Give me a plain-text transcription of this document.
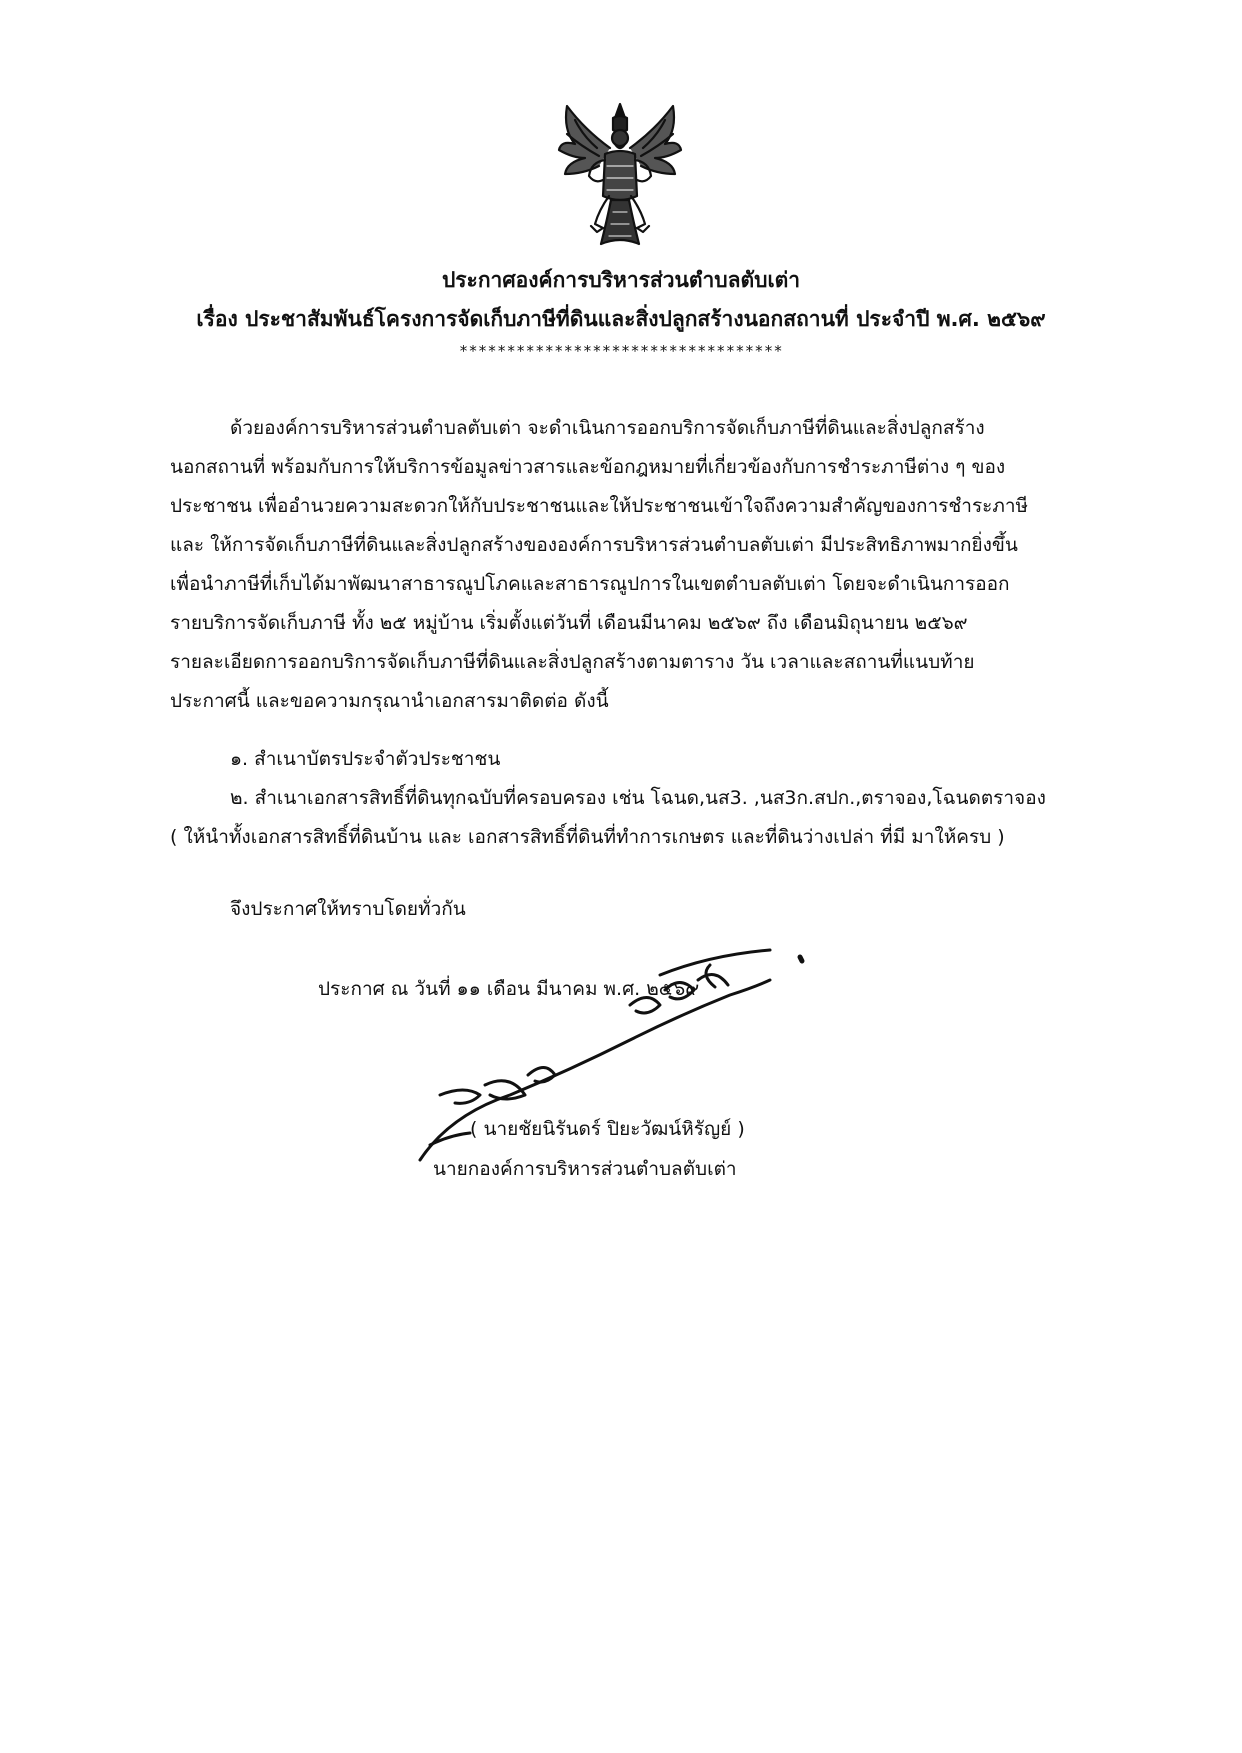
ประกาศองค์การบริหารส่วนตำบลตับเต่า
เรื่อง ประชาสัมพันธ์โครงการจัดเก็บภาษีที่ดินและสิ่งปลูกสร้างนอกสถานที่ ประจำปี พ.ศ. ๒๕๖๙
**********************************
ด้วยองค์การบริหารส่วนตำบลตับเต่า จะดำเนินการออกบริการจัดเก็บภาษีที่ดินและสิ่งปลูกสร้าง
นอกสถานที่ พร้อมกับการให้บริการข้อมูลข่าวสารและข้อกฎหมายที่เกี่ยวข้องกับการชำระภาษีต่าง ๆ ของ
ประชาชน เพื่ออำนวยความสะดวกให้กับประชาชนและให้ประชาชนเข้าใจถึงความสำคัญของการชำระภาษี
และ ให้การจัดเก็บภาษีที่ดินและสิ่งปลูกสร้างขององค์การบริหารส่วนตำบลตับเต่า มีประสิทธิภาพมากยิ่งขึ้น
เพื่อนำภาษีที่เก็บได้มาพัฒนาสาธารณูปโภคและสาธารณูปการในเขตตำบลตับเต่า โดยจะดำเนินการออก
รายบริการจัดเก็บภาษี ทั้ง ๒๕ หมู่บ้าน เริ่มตั้งแต่วันที่ เดือนมีนาคม ๒๕๖๙ ถึง เดือนมิถุนายน ๒๕๖๙
รายละเอียดการออกบริการจัดเก็บภาษีที่ดินและสิ่งปลูกสร้างตามตาราง วัน เวลาและสถานที่แนบท้าย
ประกาศนี้ และขอความกรุณานำเอกสารมาติดต่อ ดังนี้
๑. สำเนาบัตรประจำตัวประชาชน
๒. สำเนาเอกสารสิทธิ์ที่ดินทุกฉบับที่ครอบครอง เช่น โฉนด,นส3. ,นส3ก.สปก.,ตราจอง,โฉนดตราจอง
( ให้นำทั้งเอกสารสิทธิ์ที่ดินบ้าน และ เอกสารสิทธิ์ที่ดินที่ทำการเกษตร และที่ดินว่างเปล่า ที่มี มาให้ครบ )
จึงประกาศให้ทราบโดยทั่วกัน
ประกาศ ณ วันที่ ๑๑ เดือน มีนาคม พ.ศ. ๒๕๖๙
( นายชัยนิรันดร์ ปิยะวัฒน์หิรัญย์ )
นายกองค์การบริหารส่วนตำบลตับเต่า
